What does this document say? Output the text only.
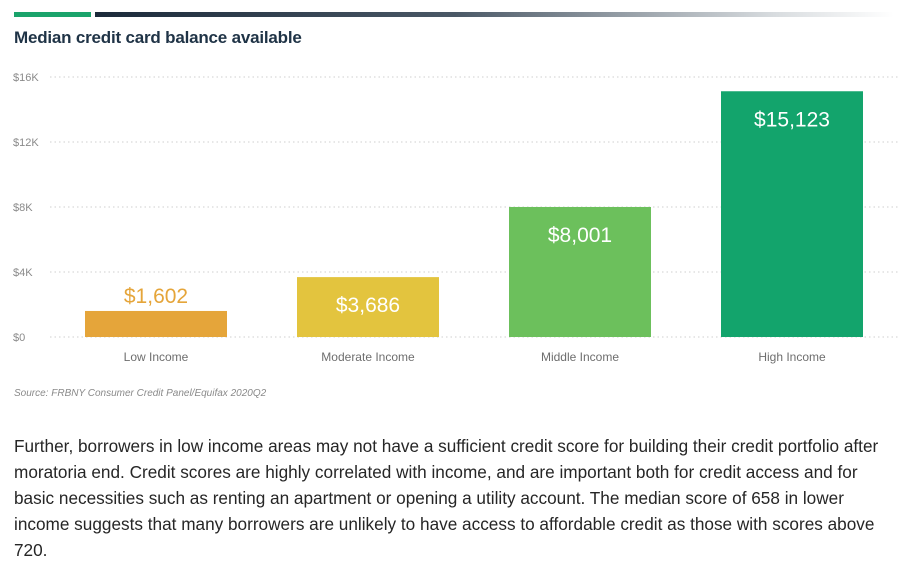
Median credit card balance available
$0
$4K
$8K
$12K
$16K
$1,602
Low Income
$3,686
Moderate Income
$8,001
Middle Income
$15,123
High Income
Source: FRBNY Consumer Credit Panel/Equifax 2020Q2

Further, borrowers in low income areas may not have a sufficient credit score for building their credit portfolio after moratoria end. Credit scores are highly correlated with income, and are important both for credit access and for basic necessities such as renting an apartment or opening a utility account. The median score of 658 in lower income suggests that many borrowers are unlikely to have access to affordable credit as those with scores above 720.
